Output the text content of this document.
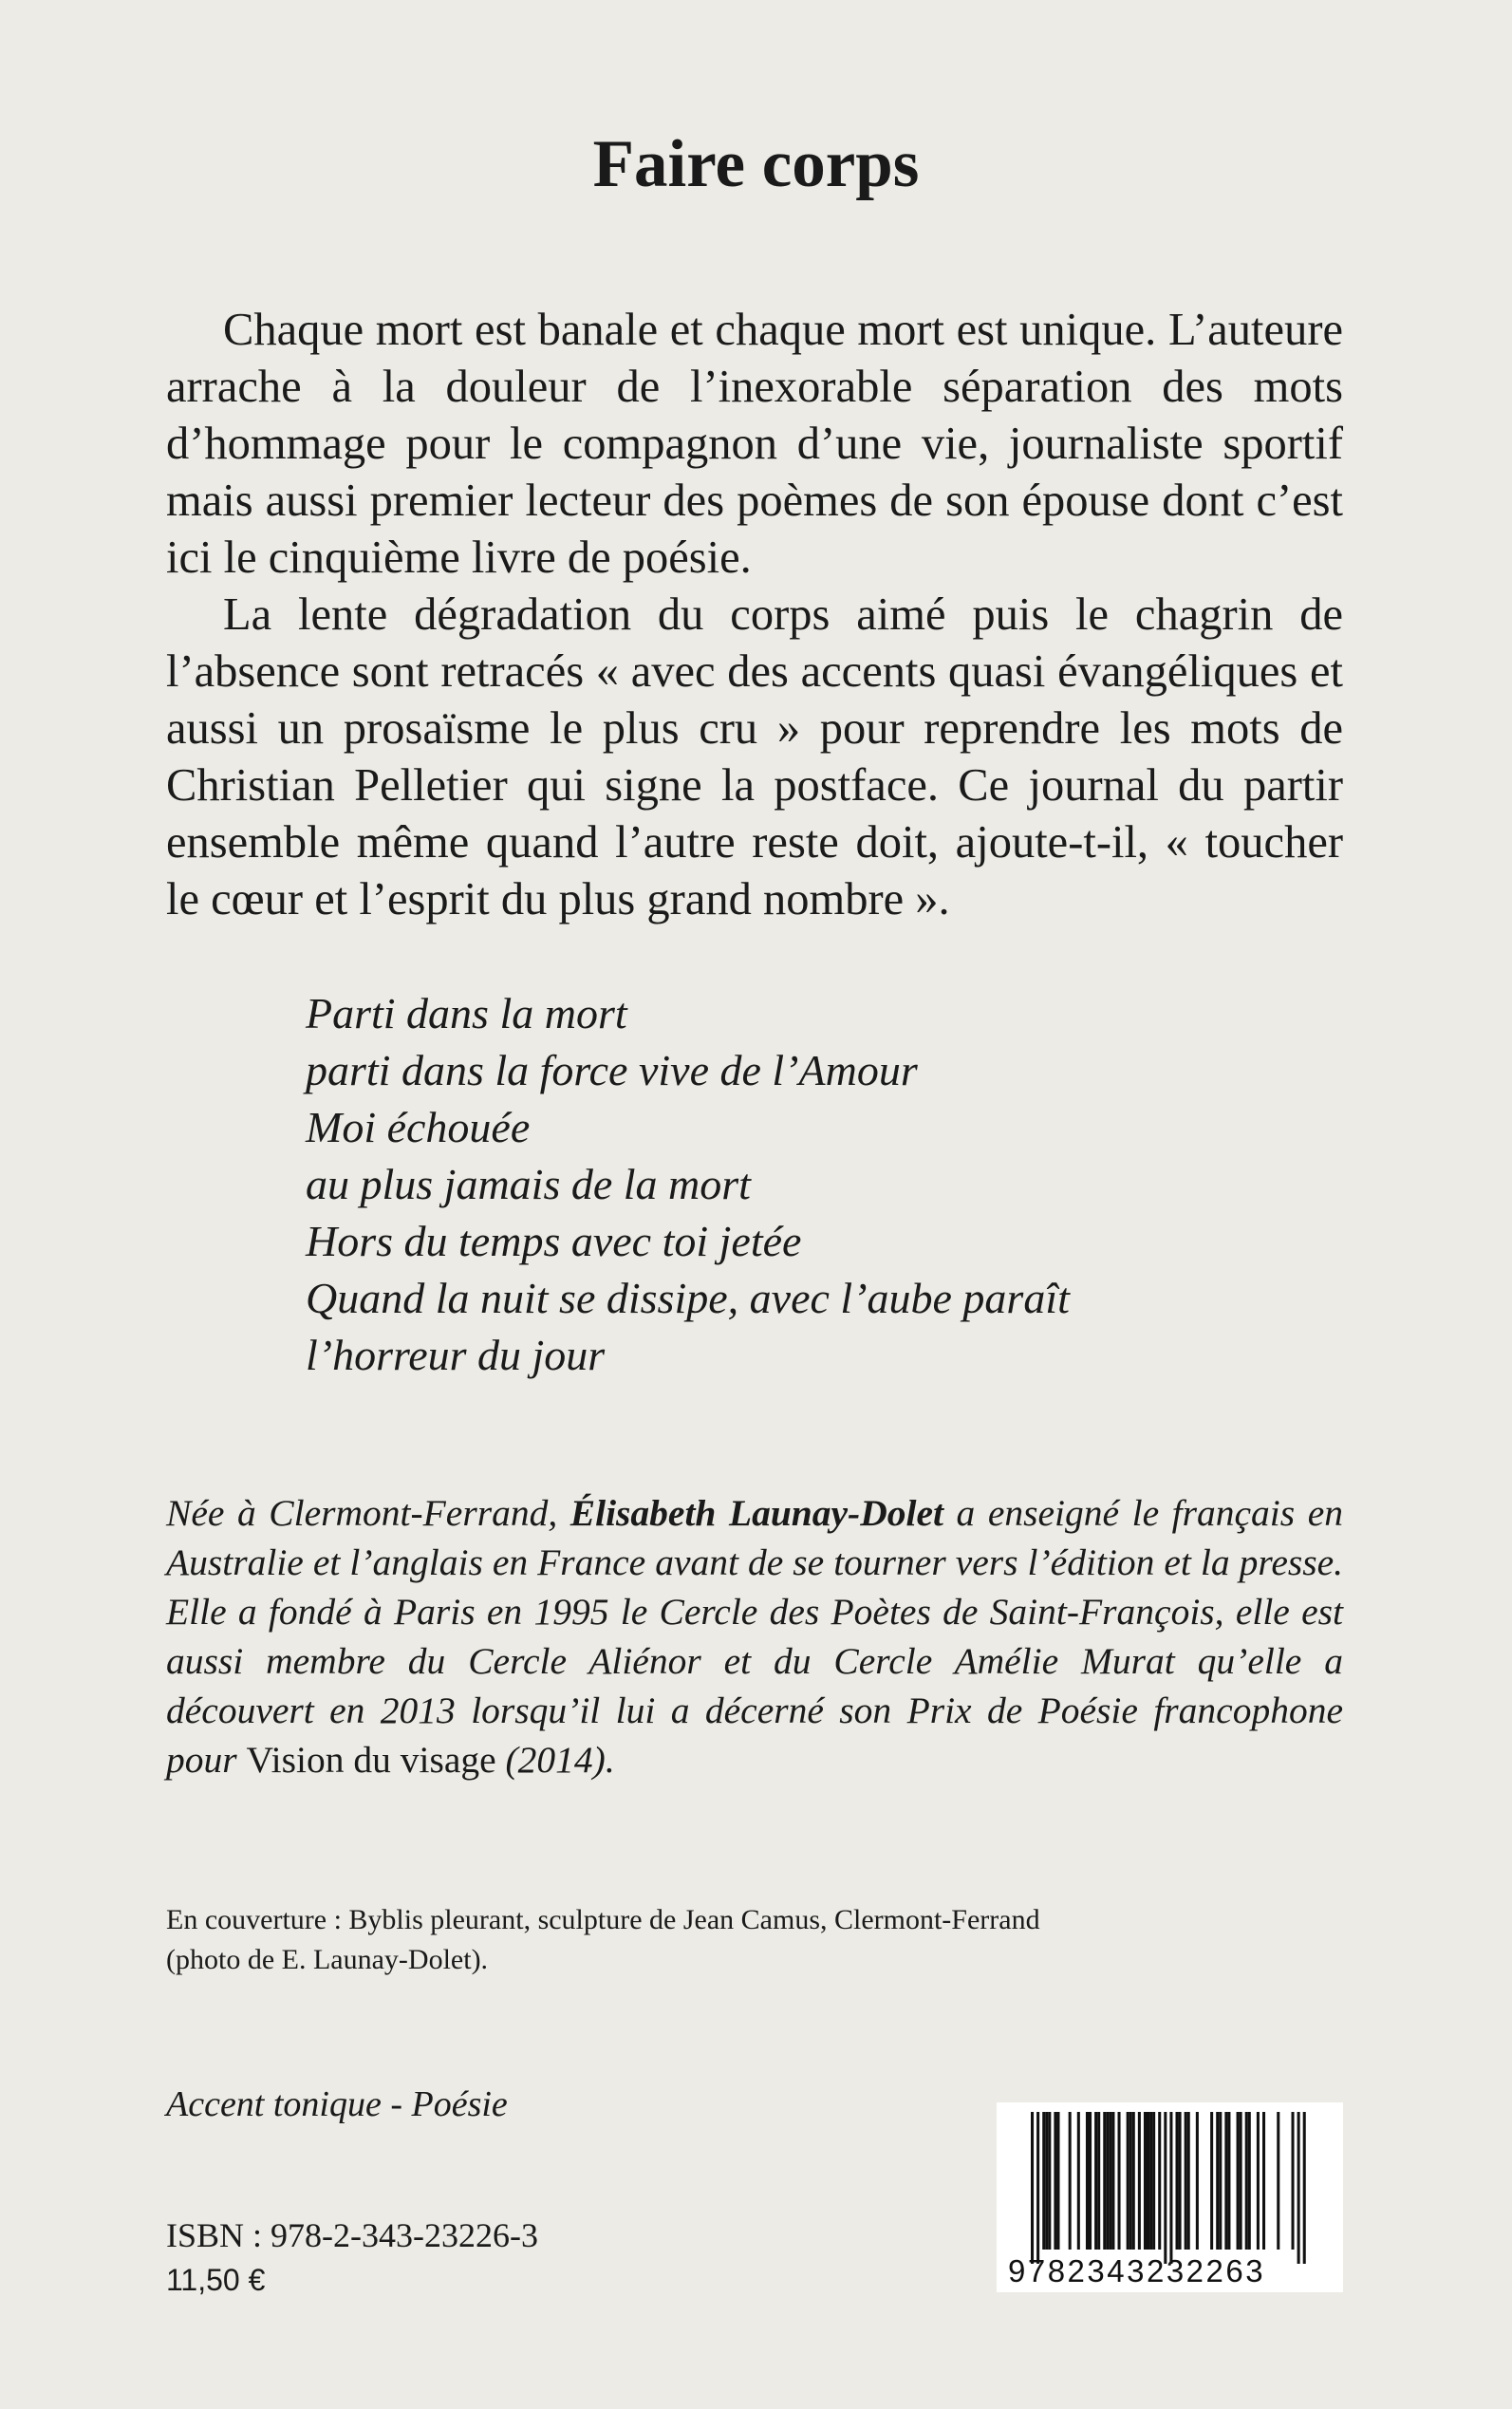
Faire corps

Chaque mort est banale et chaque mort est unique. L’auteure arrache à la douleur de l’inexorable séparation des mots d’hommage pour le compagnon d’une vie, journaliste sportif mais aussi premier lecteur des poèmes de son épouse dont c’est ici le cinquième livre de poésie.

La lente dégradation du corps aimé puis le chagrin de l’absence sont retracés « avec des accents quasi évangéliques et aussi un prosaïsme le plus cru » pour reprendre les mots de Christian Pelletier qui signe la postface. Ce journal du partir ensemble même quand l’autre reste doit, ajoute-t-il, « toucher le cœur et l’esprit du plus grand nombre ».

Parti dans la mort
parti dans la force vive de l’Amour
Moi échouée
au plus jamais de la mort
Hors du temps avec toi jetée
Quand la nuit se dissipe, avec l’aube paraît
l’horreur du jour

Née à Clermont-Ferrand, Élisabeth Launay-Dolet a enseigné le français en Australie et l’anglais en France avant de se tourner vers l’édition et la presse. Elle a fondé à Paris en 1995 le Cercle des Poètes de Saint-François, elle est aussi membre du Cercle Aliénor et du Cercle Amélie Murat qu’elle a découvert en 2013 lorsqu’il lui a décerné son Prix de Poésie francophone pour Vision du visage (2014).

En couverture : Byblis pleurant, sculpture de Jean Camus, Clermont-Ferrand
(photo de E. Launay-Dolet).
Accent tonique - Poésie
ISBN : 978-2-343-23226-3
11,50 €	9782343232263
